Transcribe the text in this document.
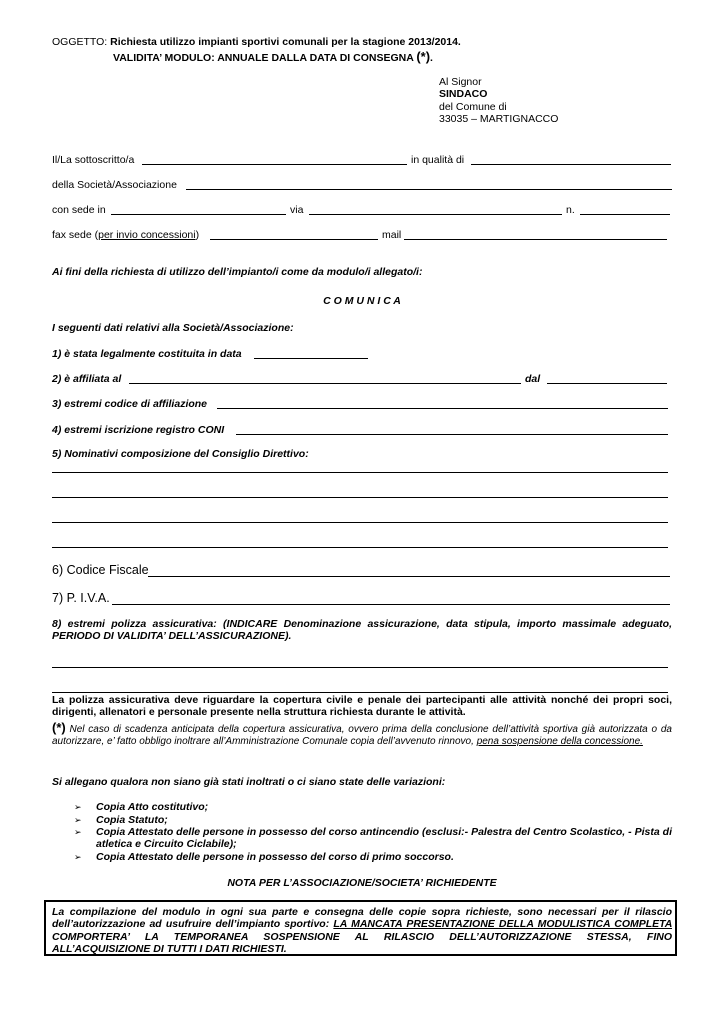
OGGETTO: Richiesta utilizzo impianti sportivi comunali per la stagione 2013/2014.
VALIDITA’ MODULO: ANNUALE DALLA DATA DI CONSEGNA (*).
Al Signor
SINDACO
del Comune di
33035 – MARTIGNACCO
Il/La sottoscritto/a	in qualità di
della Società/Associazione
con sede in	via	n.
fax sede (per invio concessioni)	mail
Ai fini della richiesta di utilizzo dell’impianto/i come da modulo/i allegato/i:
C O M U N I C A
I seguenti dati relativi alla Società/Associazione:
1) è stata legalmente costituita in data
2) è affiliata al	dal
3) estremi codice di affiliazione
4) estremi iscrizione registro CONI
5) Nominativi composizione del Consiglio Direttivo:
6) Codice Fiscale
7) P. I.V.A.
8) estremi polizza assicurativa: (INDICARE Denominazione assicurazione, data stipula, importo massimale adeguato, PERIODO DI VALIDITA’ DELL’ASSICURAZIONE).
La polizza assicurativa deve riguardare la copertura civile e penale dei partecipanti alle attività nonché dei propri soci, dirigenti, allenatori e personale presente nella struttura richiesta durante le attività.
(*) Nel caso di scadenza anticipata della copertura assicurativa, ovvero prima della conclusione dell’attività sportiva già autorizzata o da autorizzare, e’ fatto obbligo inoltrare all’Amministrazione Comunale copia dell’avvenuto rinnovo, pena sospensione della concessione.
Si allegano qualora non siano già stati inoltrati o ci siano state delle variazioni:
➢ Copia Atto costitutivo;
➢ Copia Statuto;
➢ Copia Attestato delle persone in possesso del corso antincendio (esclusi:- Palestra del Centro Scolastico, - Pista di atletica e Circuito Ciclabile);
➢ Copia Attestato delle persone in possesso del corso di primo soccorso.
NOTA PER L’ASSOCIAZIONE/SOCIETA’ RICHIEDENTE
La compilazione del modulo in ogni sua parte e consegna delle copie sopra richieste, sono necessari per il rilascio dell’autorizzazione ad usufruire dell’impianto sportivo: LA MANCATA PRESENTAZIONE DELLA MODULISTICA COMPLETA COMPORTERA’ LA TEMPORANEA SOSPENSIONE AL RILASCIO DELL’AUTORIZZAZIONE STESSA, FINO ALL’ACQUISIZIONE DI TUTTI I DATI RICHIESTI.
